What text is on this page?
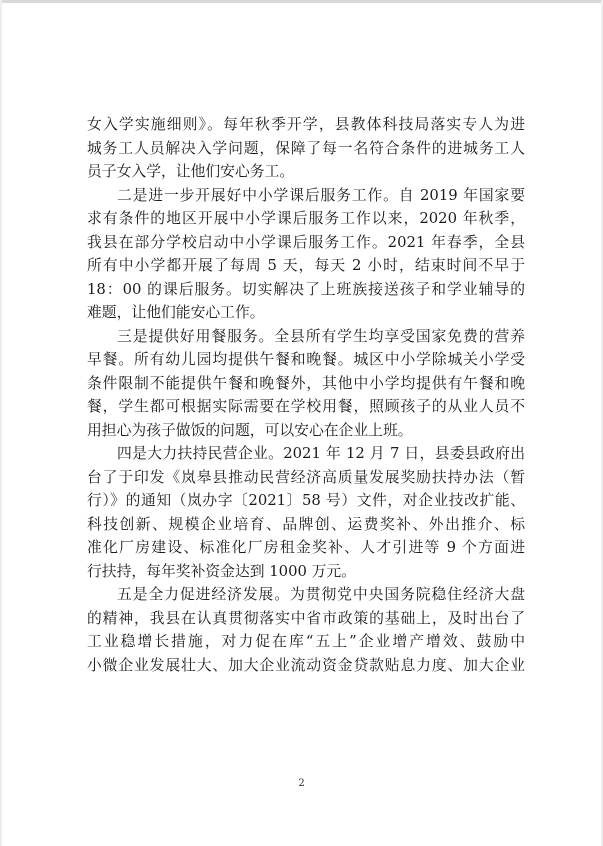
女入学实施细则》。每年秋季开学，县教体科技局落实专人为进
城务工人员解决入学问题，保障了每一名符合条件的进城务工人
员子女入学，让他们安心务工。
二是进一步开展好中小学课后服务工作。自 2019 年国家要
求有条件的地区开展中小学课后服务工作以来，2020 年秋季，
我县在部分学校启动中小学课后服务工作。2021 年春季，全县
所有中小学都开展了每周 5 天，每天 2 小时，结束时间不早于
18：00 的课后服务。切实解决了上班族接送孩子和学业辅导的
难题，让他们能安心工作。
三是提供好用餐服务。全县所有学生均享受国家免费的营养
早餐。所有幼儿园均提供午餐和晚餐。城区中小学除城关小学受
条件限制不能提供午餐和晚餐外，其他中小学均提供有午餐和晚
餐，学生都可根据实际需要在学校用餐，照顾孩子的从业人员不
用担心为孩子做饭的问题，可以安心在企业上班。
四是大力扶持民营企业。2021 年 12 月 7 日，县委县政府出
台了于印发《岚皋县推动民营经济高质量发展奖励扶持办法（暂
行）》的通知（岚办字〔2021〕58 号）文件，对企业技改扩能、
科技创新、规模企业培育、品牌创、运费奖补、外出推介、标
准化厂房建设、标准化厂房租金奖补、人才引进等 9 个方面进
行扶持，每年奖补资金达到 1000 万元。
五是全力促进经济发展。为贯彻党中央国务院稳住经济大盘
的精神，我县在认真贯彻落实中省市政策的基础上，及时出台了
工业稳增长措施，对力促在库“五上”企业增产增效、鼓励中
小微企业发展壮大、加大企业流动资金贷款贴息力度、加大企业
2
